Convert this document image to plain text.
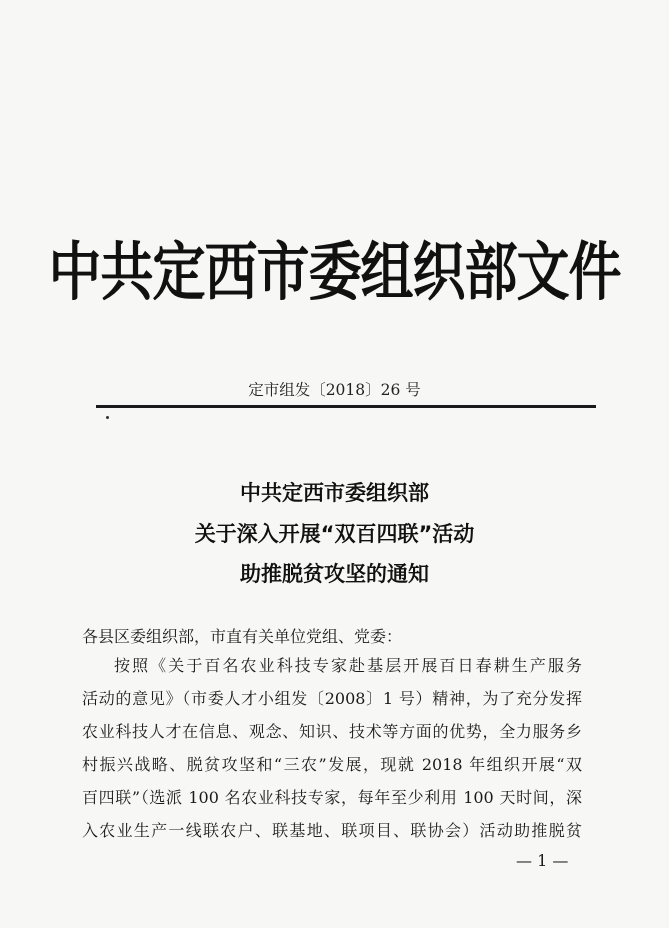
中共定西市委组织部文件
定市组发〔2018〕26 号
中共定西市委组织部
关于深入开展“双百四联”活动
助推脱贫攻坚的通知
各县区委组织部，市直有关单位党组、党委：
按照《关于百名农业科技专家赴基层开展百日春耕生产服务
活动的意见》（市委人才小组发〔2008〕1 号）精神，为了充分发挥
农业科技人才在信息、观念、知识、技术等方面的优势，全力服务乡
村振兴战略、脱贫攻坚和“三农”发展，现就 2018 年组织开展“双
百四联”（选派 100 名农业科技专家，每年至少利用 100 天时间，深
入农业生产一线联农户、联基地、联项目、联协会）活动助推脱贫
— 1 —
